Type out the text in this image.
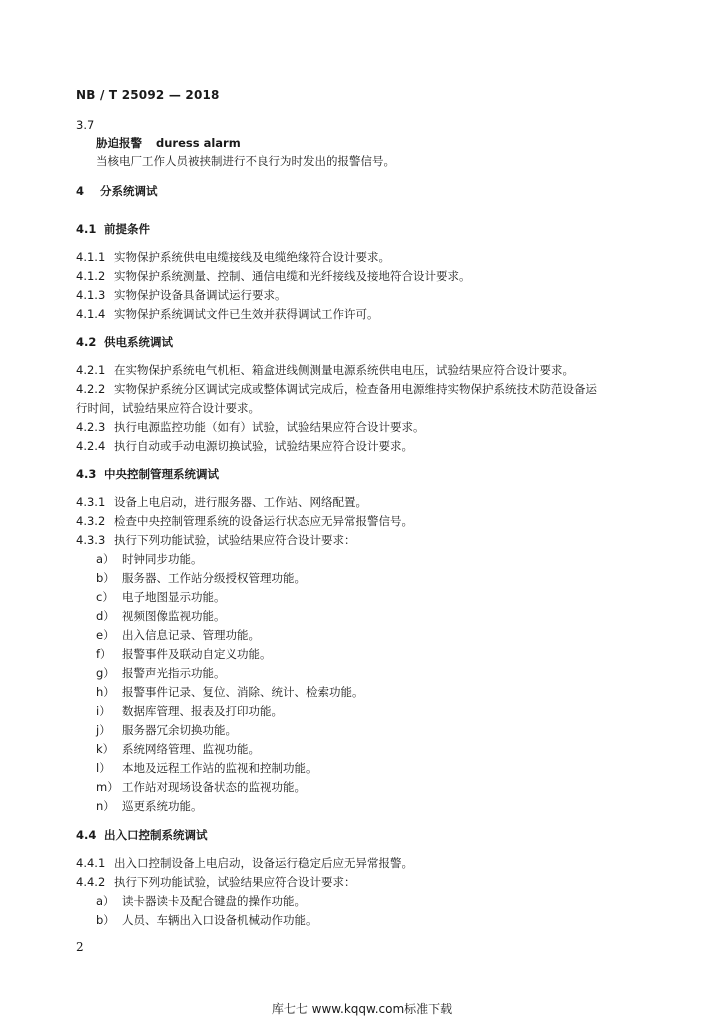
NB / T 25092 — 2018
3.7
胁迫报警 duress alarm
当核电厂工作人员被挟制进行不良行为时发出的报警信号。
4 分系统调试
4.1 前提条件
4.1.1 实物保护系统供电电缆接线及电缆绝缘符合设计要求。
4.1.2 实物保护系统测量、控制、通信电缆和光纤接线及接地符合设计要求。
4.1.3 实物保护设备具备调试运行要求。
4.1.4 实物保护系统调试文件已生效并获得调试工作许可。
4.2 供电系统调试
4.2.1 在实物保护系统电气机柜、箱盒进线侧测量电源系统供电电压，试验结果应符合设计要求。
4.2.2 实物保护系统分区调试完成或整体调试完成后，检查备用电源维持实物保护系统技术防范设备运
行时间，试验结果应符合设计要求。
4.2.3 执行电源监控功能（如有）试验，试验结果应符合设计要求。
4.2.4 执行自动或手动电源切换试验，试验结果应符合设计要求。
4.3 中央控制管理系统调试
4.3.1 设备上电启动，进行服务器、工作站、网络配置。
4.3.2 检查中央控制管理系统的设备运行状态应无异常报警信号。
4.3.3 执行下列功能试验，试验结果应符合设计要求：
a） 时钟同步功能。
b） 服务器、工作站分级授权管理功能。
c） 电子地图显示功能。
d） 视频图像监视功能。
e） 出入信息记录、管理功能。
f） 报警事件及联动自定义功能。
g） 报警声光指示功能。
h） 报警事件记录、复位、消除、统计、检索功能。
i） 数据库管理、报表及打印功能。
j） 服务器冗余切换功能。
k） 系统网络管理、监视功能。
l） 本地及远程工作站的监视和控制功能。
m） 工作站对现场设备状态的监视功能。
n） 巡更系统功能。
4.4 出入口控制系统调试
4.4.1 出入口控制设备上电启动，设备运行稳定后应无异常报警。
4.4.2 执行下列功能试验，试验结果应符合设计要求：
a） 读卡器读卡及配合键盘的操作功能。
b） 人员、车辆出入口设备机械动作功能。
2
库七七 www.kqqw.com标准下载
